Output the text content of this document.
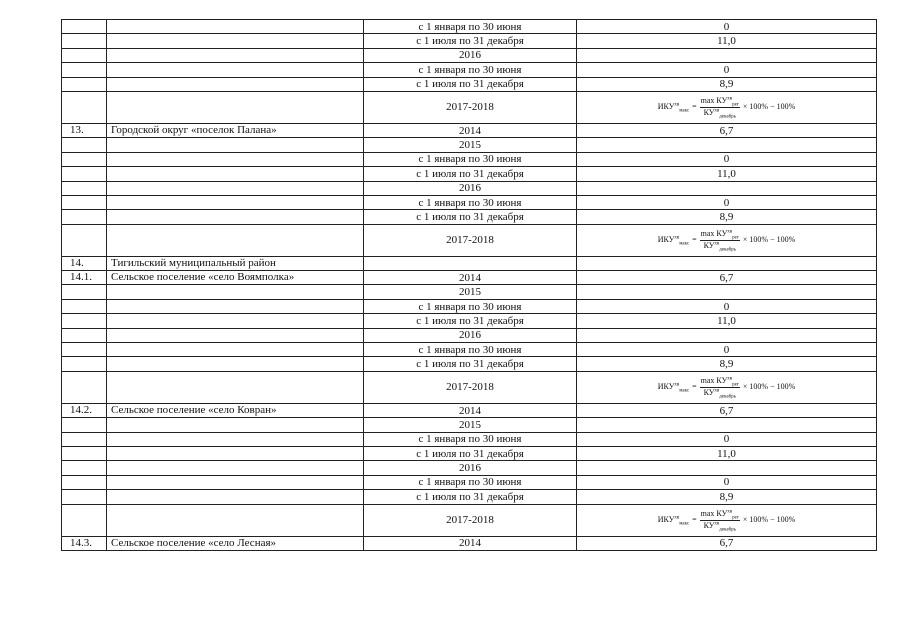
		с 1 января по 30 июня	0
		с 1 июля по 31 декабря	11,0
		2016	
		с 1 января по 30 июня	0
		с 1 июля по 31 декабря	8,9
		2017-2018	$ИКУ^{хв}_{макс} = \frac{\max КУ^{хв}_{рег}}{КУ^{хв}_{декабрь}} \times 100\% - 100\%$

13.	Городской округ «поселок Палана»	2014	6,7
		2015	
		с 1 января по 30 июня	0
		с 1 июля по 31 декабря	11,0
		2016	
		с 1 января по 30 июня	0
		с 1 июля по 31 декабря	8,9
		2017-2018	$ИКУ^{хв}_{макс} = \frac{\max КУ^{хв}_{рег}}{КУ^{хв}_{декабрь}} \times 100\% - 100\%$

14.	Тигильский муниципальный район		
14.1.	Сельское поселение «село Воямполка»	2014	6,7
		2015	
		с 1 января по 30 июня	0
		с 1 июля по 31 декабря	11,0
		2016	
		с 1 января по 30 июня	0
		с 1 июля по 31 декабря	8,9
		2017-2018	$ИКУ^{хв}_{макс} = \frac{\max КУ^{хв}_{рег}}{КУ^{хв}_{декабрь}} \times 100\% - 100\%$

14.2.	Сельское поселение «село Ковран»	2014	6,7
		2015	
		с 1 января по 30 июня	0
		с 1 июля по 31 декабря	11,0
		2016	
		с 1 января по 30 июня	0
		с 1 июля по 31 декабря	8,9
		2017-2018	$ИКУ^{хв}_{макс} = \frac{\max КУ^{хв}_{рег}}{КУ^{хв}_{декабрь}} \times 100\% - 100\%$

14.3.	Сельское поселение «село Лесная»	2014	6,7
